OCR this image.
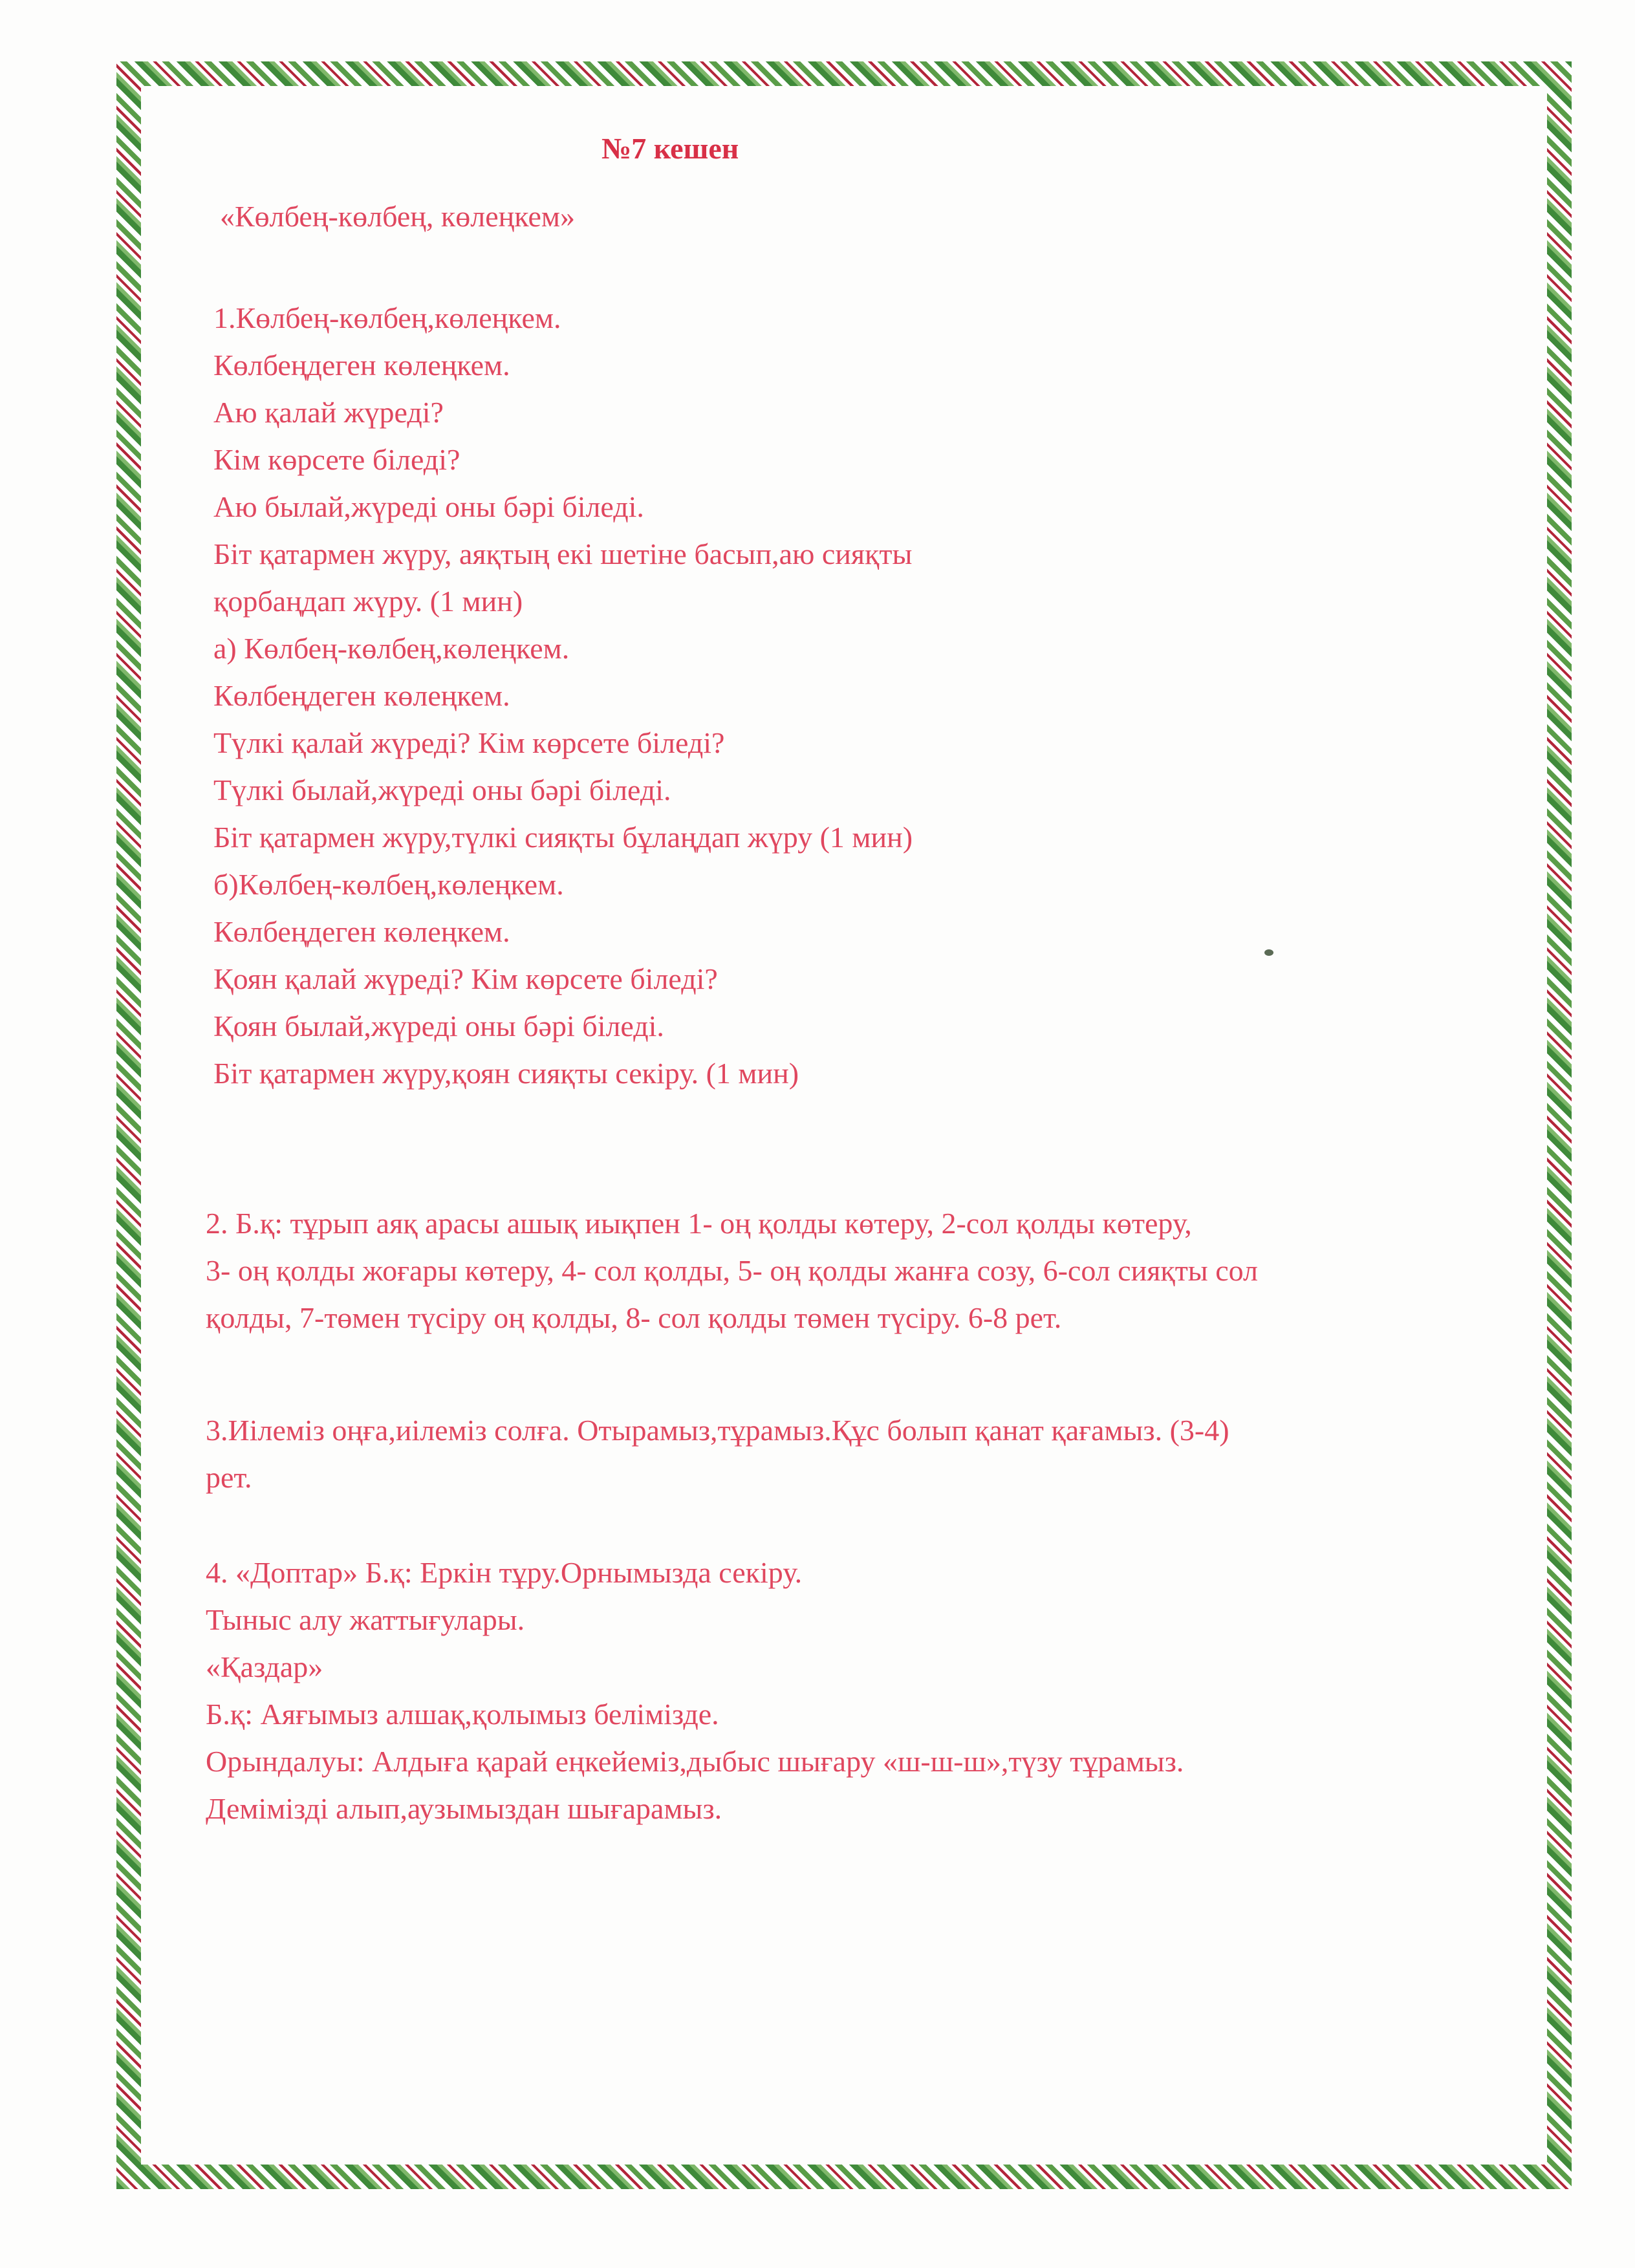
№7 кешен
«Көлбең-көлбең, көлеңкем»
1.Көлбең-көлбең,көлеңкем.
Көлбеңдеген көлеңкем.
Аю қалай жүреді?
Кім көрсете біледі?
Аю былай,жүреді оны бәрі біледі.
Біт қатармен жүру, аяқтың екі шетіне басып,аю сияқты
қорбаңдап жүру. (1 мин)
а) Көлбең-көлбең,көлеңкем.
Көлбеңдеген көлеңкем.
Түлкі қалай жүреді? Кім көрсете біледі?
Түлкі былай,жүреді оны бәрі біледі.
Біт қатармен жүру,түлкі сияқты бұлаңдап жүру (1 мин)
б)Көлбең-көлбең,көлеңкем.
Көлбеңдеген көлеңкем.
Қоян қалай жүреді? Кім көрсете біледі?
Қоян былай,жүреді оны бәрі біледі.
Біт қатармен жүру,қоян сияқты секіру. (1 мин)
2. Б.қ: тұрып аяқ арасы ашық иықпен 1- оң қолды көтеру, 2-сол қолды көтеру,
3- оң қолды жоғары көтеру, 4- сол қолды, 5- оң қолды жанға созу, 6-сол сияқты сол
қолды, 7-төмен түсіру оң қолды, 8- сол қолды төмен түсіру. 6-8 рет.
3.Иілеміз оңға,иілеміз солға. Отырамыз,тұрамыз.Құс болып қанат қағамыз. (3-4)
рет.
4. «Доптар» Б.қ: Еркін тұру.Орнымызда секіру.
Тыныс алу жаттығулары.
«Қаздар»
Б.қ: Аяғымыз алшақ,қолымыз белімізде.
Орындалуы: Алдыға қарай еңкейеміз,дыбыс шығару «ш-ш-ш»,түзу тұрамыз.
Демімізді алып,аузымыздан шығарамыз.
